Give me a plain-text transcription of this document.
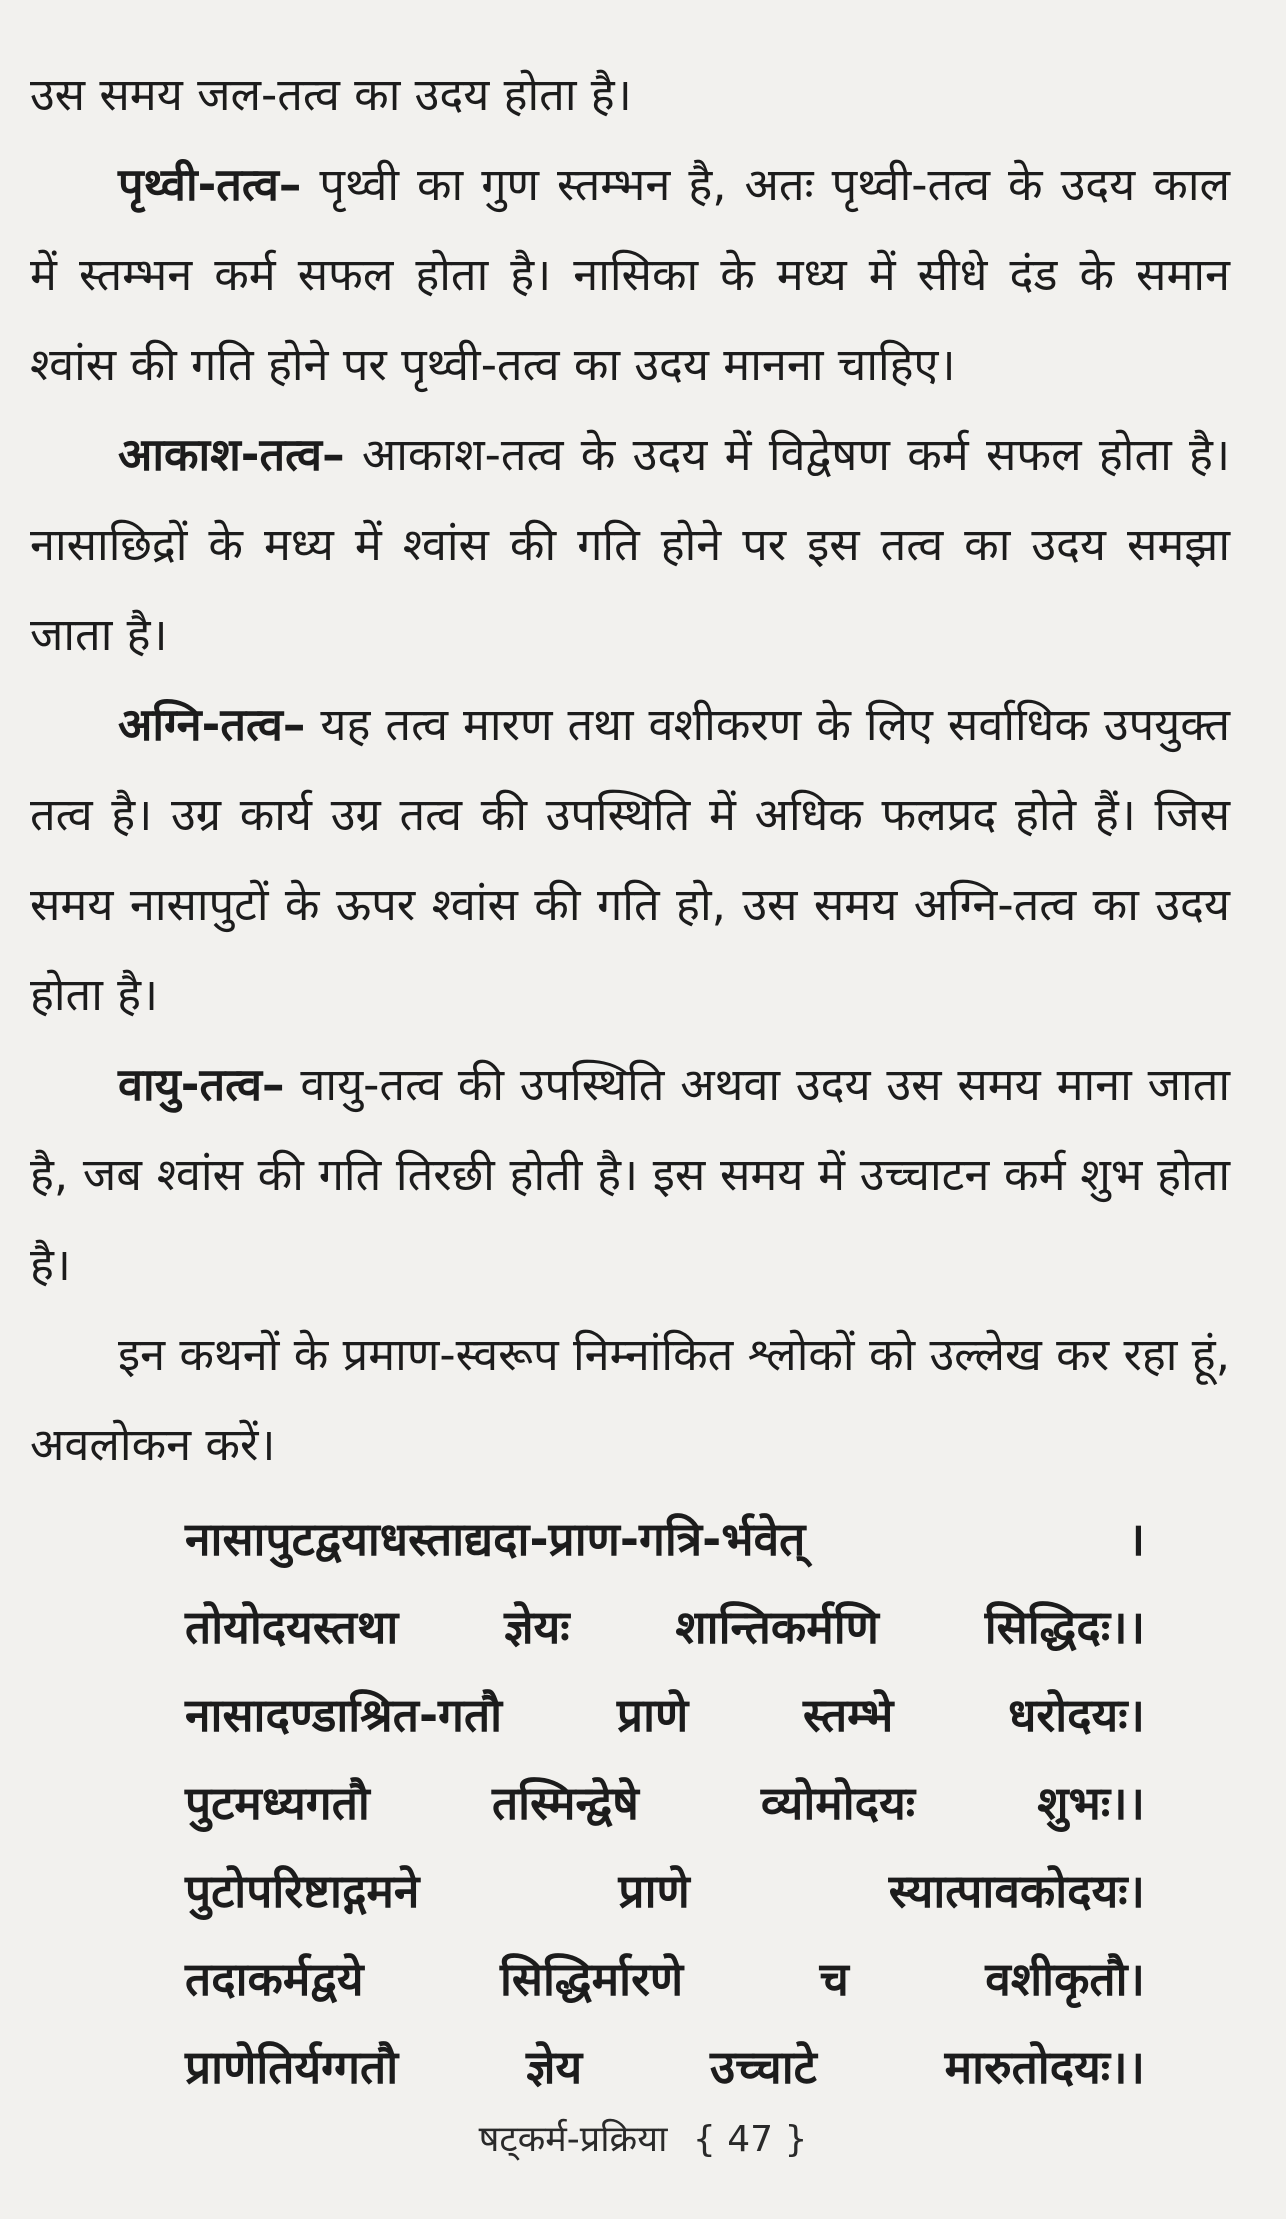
उस समय जल-तत्व का उदय होता है।

पृथ्वी-तत्व– पृथ्वी का गुण स्तम्भन है, अतः पृथ्वी-तत्व के उदय काल में स्तम्भन कर्म सफल होता है। नासिका के मध्य में सीधे दंड के समान श्वांस की गति होने पर पृथ्वी-तत्व का उदय मानना चाहिए।

आकाश-तत्व– आकाश-तत्व के उदय में विद्वेषण कर्म सफल होता है। नासाछिद्रों के मध्य में श्वांस की गति होने पर इस तत्व का उदय समझा जाता है।

अग्नि-तत्व– यह तत्व मारण तथा वशीकरण के लिए सर्वाधिक उपयुक्त तत्व है। उग्र कार्य उग्र तत्व की उपस्थिति में अधिक फलप्रद होते हैं। जिस समय नासापुटों के ऊपर श्वांस की गति हो, उस समय अग्नि-तत्व का उदय होता है।

वायु-तत्व– वायु-तत्व की उपस्थिति अथवा उदय उस समय माना जाता है, जब श्वांस की गति तिरछी होती है। इस समय में उच्चाटन कर्म शुभ होता है।

इन कथनों के प्रमाण-स्वरूप निम्नांकित श्लोकों को उल्लेख कर रहा हूं, अवलोकन करें।

नासापुटद्वयाधस्ताद्यदा-प्राण-गत्रि-र्भवेत्	।
तोयोदयस्तथा ज्ञेयः शान्तिकर्मणि सिद्धिदः।।
नासादण्डाश्रित-गतौ प्राणे स्तम्भे धरोदयः।
पुटमध्यगतौ	तस्मिन्द्वेषे	व्योमोदयः	शुभः।।
पुटोपरिष्टाद्गमने	प्राणे	स्यात्पावकोदयः।
तदाकर्मद्वये	सिद्धिर्मारणे	च	वशीकृतौ।
प्राणेतिर्यग्गतौ	ज्ञेय	उच्चाटे	मारुतोदयः।।
षट्कर्म-प्रक्रिया { 47 }
